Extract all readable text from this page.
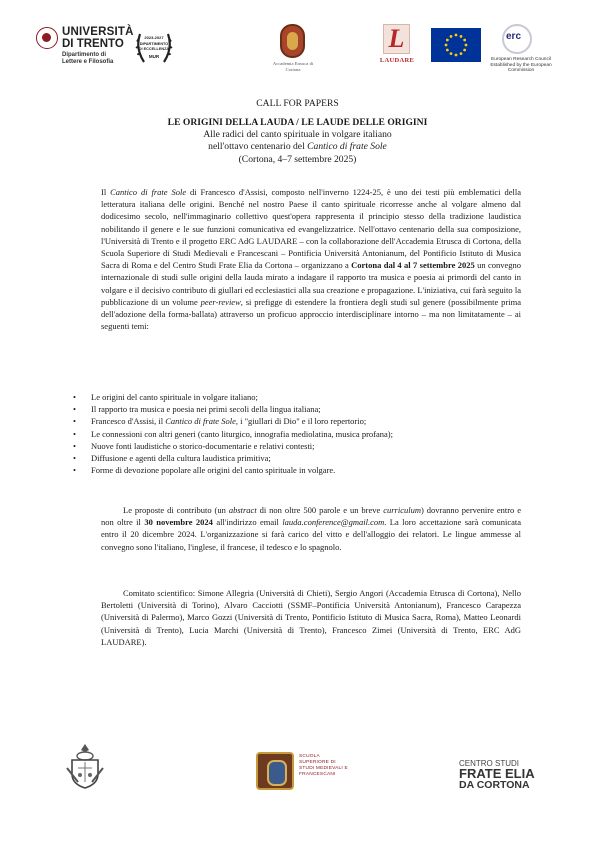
UNIVERSITÀ
DI TRENTO
Dipartimento di Lettere e Filosofia
2023-2027
DIPARTIMENTO
DI ECCELLENZA
MUR
Accademia Etrusca di Cortona
L
LAUDARE
erc
European Research Council Established by the European Commission
CALL FOR PAPERS
LE ORIGINI DELLA LAUDA / LE LAUDE DELLE ORIGINI
Alle radici del canto spirituale in volgare italiano
nell'ottavo centenario del Cantico di frate Sole
(Cortona, 4–7 settembre 2025)

Il Cantico di frate Sole di Francesco d'Assisi, composto nell'inverno 1224-25, è uno dei testi più emblematici della letteratura italiana delle origini. Benché nel nostro Paese il canto spirituale ricorresse anche al volgare almeno dal dodicesimo secolo, nell'immaginario collettivo quest'opera rappresenta il principio stesso della tradizione laudistica nobilitando il genere e le sue funzioni comunicativa ed evangelizzatrice. Nell'ottavo centenario della sua composizione, l'Università di Trento e il progetto ERC AdG LAUDARE – con la collaborazione dell'Accademia Etrusca di Cortona, della Scuola Superiore di Studi Medievali e Francescani – Pontificia Università Antonianum, del Pontificio Istituto di Musica Sacra di Roma e del Centro Studi Frate Elia da Cortona – organizzano a Cortona dal 4 al 7 settembre 2025 un convegno internazionale di studi sulle origini della lauda mirato a indagare il rapporto tra musica e poesia ai primordi del canto in volgare e il decisivo contributo di giullari ed ecclesiastici alla sua creazione e propagazione. L'iniziativa, cui farà seguito la pubblicazione di un volume peer-review, si prefigge di estendere la frontiera degli studi sul genere (possibilmente prima dell'adozione della forma-ballata) attraverso un proficuo approccio interdisciplinare intorno – ma non limitatamente – ai seguenti temi:

• Le origini del canto spirituale in volgare italiano;
• Il rapporto tra musica e poesia nei primi secoli della lingua italiana;
• Francesco d'Assisi, il Cantico di frate Sole, i "giullari di Dio" e il loro repertorio;
• Le connessioni con altri generi (canto liturgico, innografia mediolatina, musica profana);
• Nuove fonti laudistiche o storico-documentarie e relativi contesti;
• Diffusione e agenti della cultura laudistica primitiva;
• Forme di devozione popolare alle origini del canto spirituale in volgare.

Le proposte di contributo (un abstract di non oltre 500 parole e un breve curriculum) dovranno pervenire entro e non oltre il 30 novembre 2024 all'indirizzo email lauda.conference@gmail.com. La loro accettazione sarà comunicata entro il 20 dicembre 2024. L'organizzazione si farà carico del vitto e dell'alloggio dei relatori. Le lingue ammesse al convegno sono l'italiano, l'inglese, il francese, il tedesco e lo spagnolo.

Comitato scientifico: Simone Allegria (Università di Chieti), Sergio Angori (Accademia Etrusca di Cortona), Nello Bertoletti (Università di Torino), Alvaro Cacciotti (SSMF–Pontificia Università Antonianum), Francesco Carapezza (Università di Palermo), Marco Gozzi (Università di Trento, Pontificio Istituto di Musica Sacra, Roma), Matteo Leonardi (Università di Trento), Lucia Marchi (Università di Trento), Francesco Zimei (Università di Trento, ERC AdG LAUDARE).

SCUOLA SUPERIORE DI STUDI MEDIEVALI E FRANCESCANI
CENTRO STUDI
FRATE ELIA
DA CORTONA
